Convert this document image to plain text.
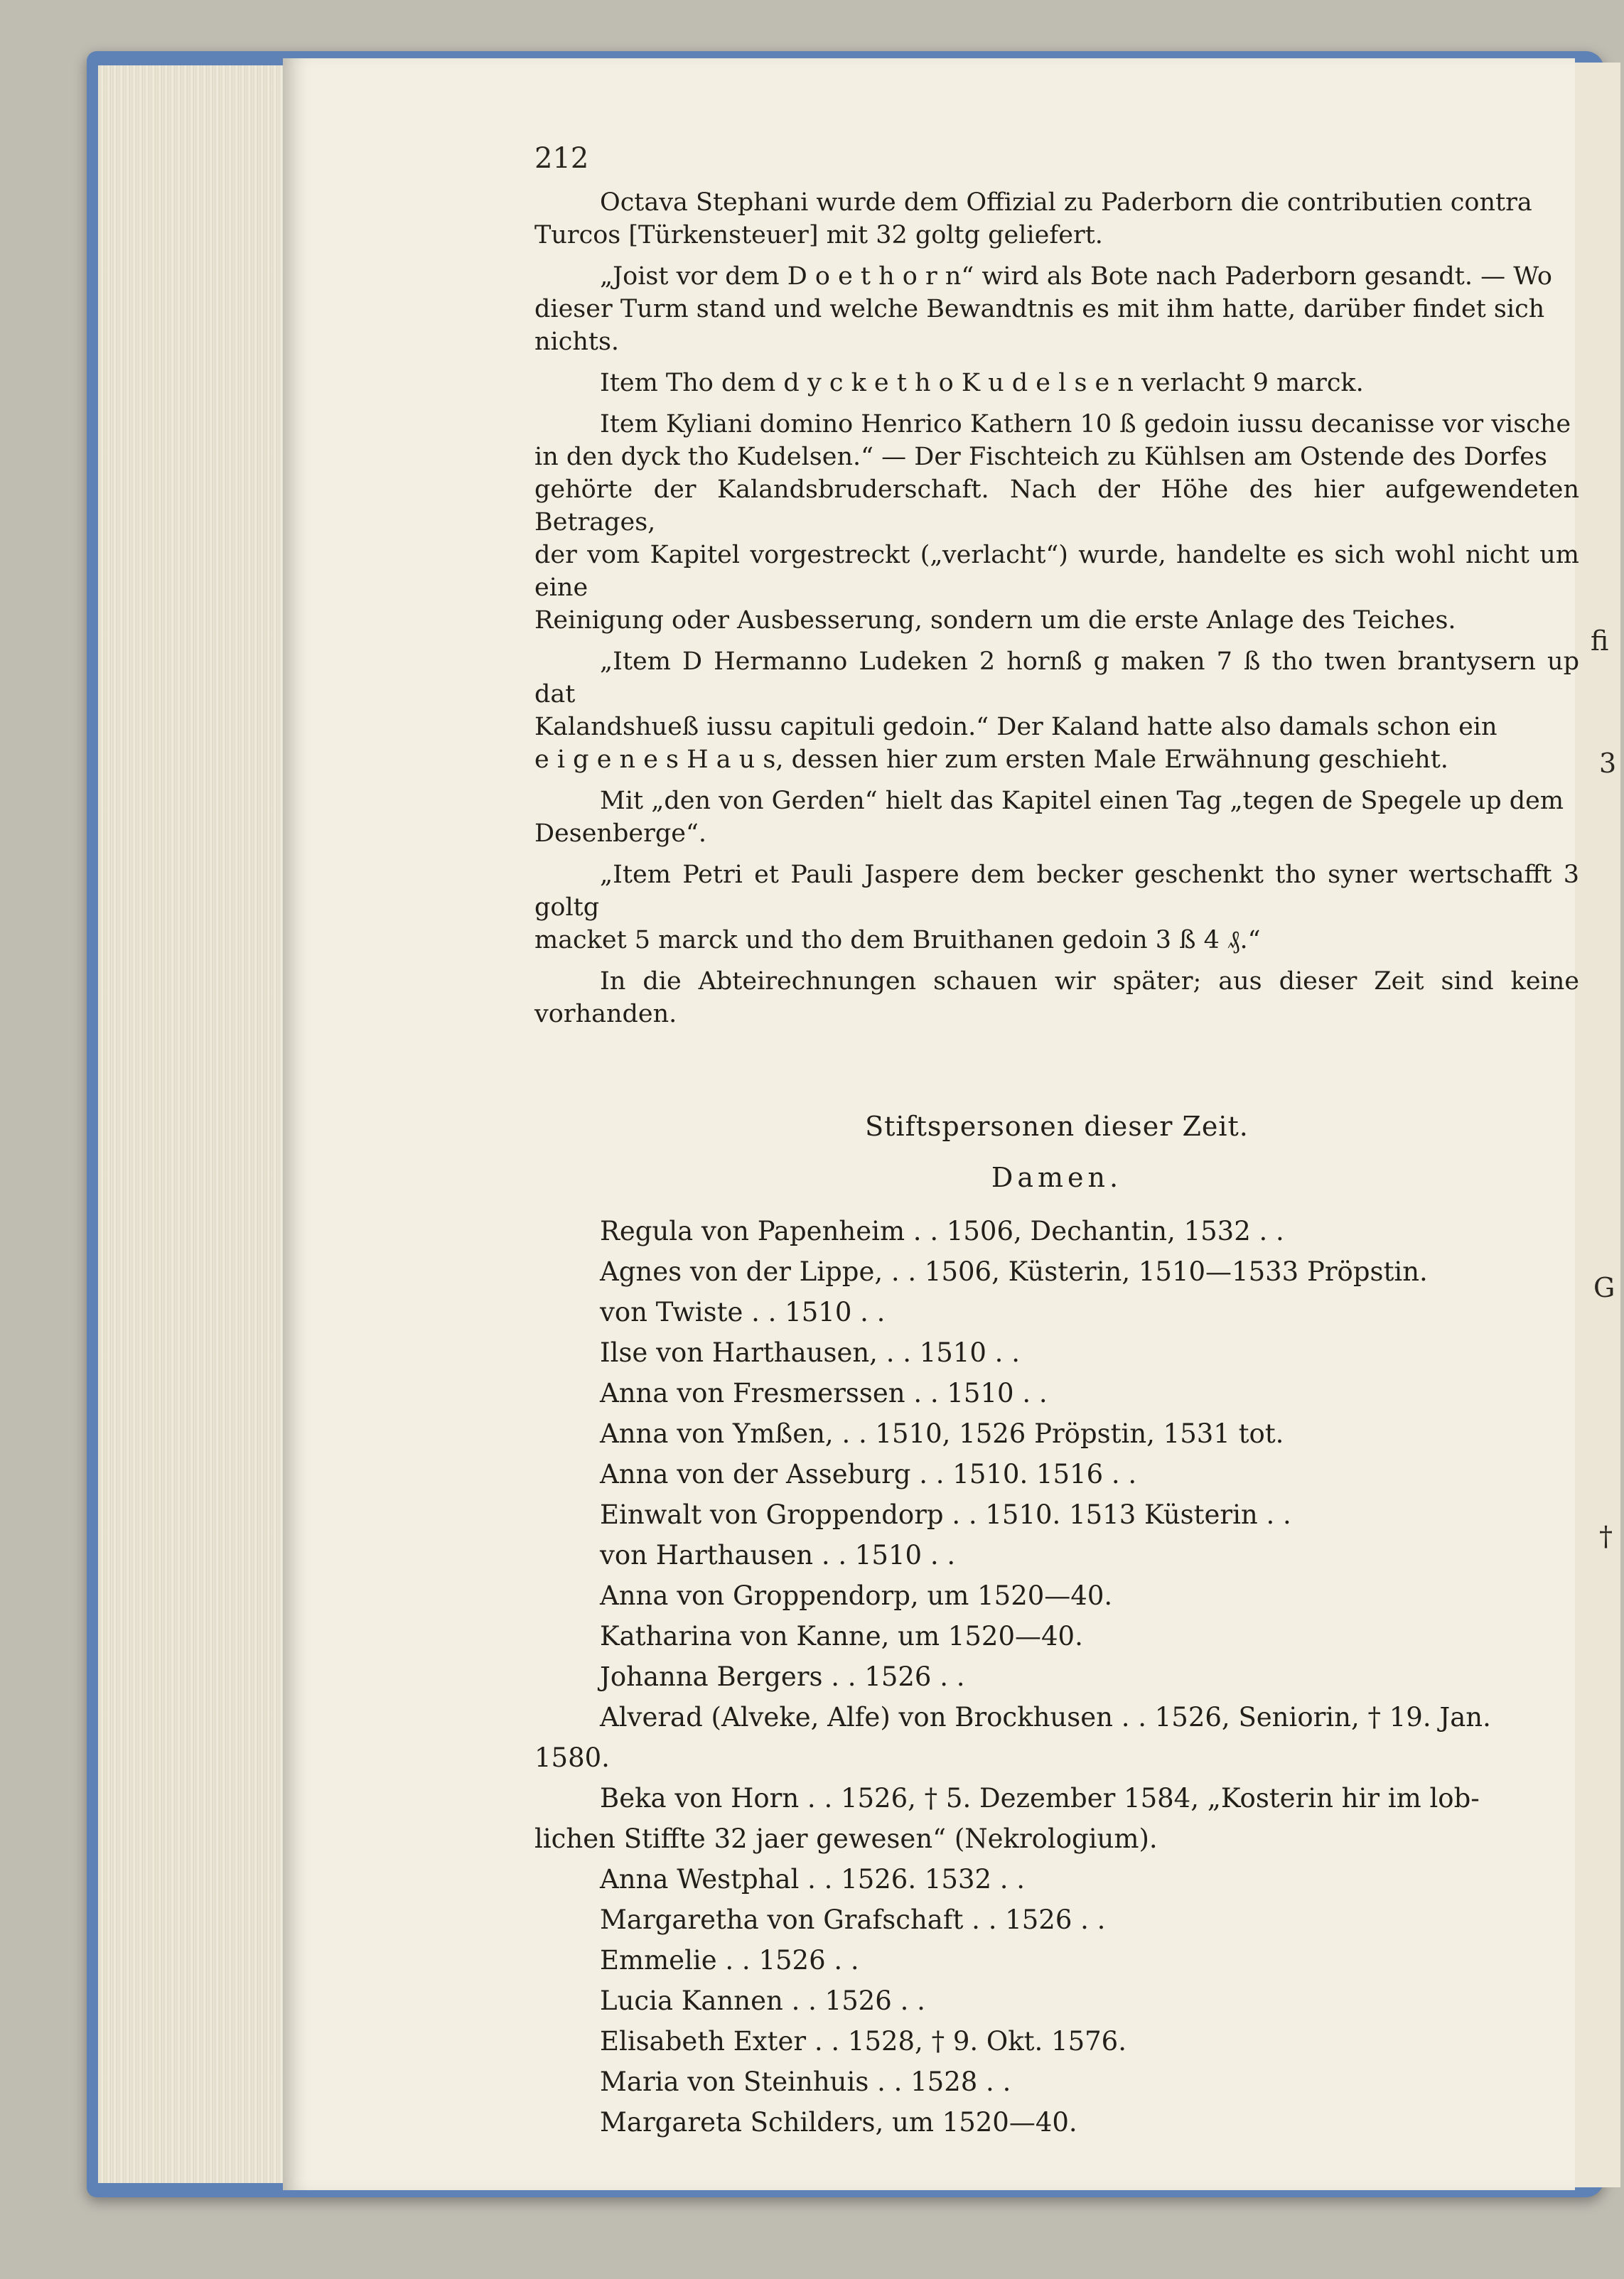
212

Octava Stephani wurde dem Offizial zu Paderborn die contributien contra
Turcos [Türkensteuer] mit 32 goltg geliefert.

„Joist vor dem D o e t h o r n“ wird als Bote nach Paderborn gesandt. — Wo
dieser Turm stand und welche Bewandtnis es mit ihm hatte, darüber findet sich
nichts.

Item Tho dem d y c k e t h o K u d e l s e n verlacht 9 marck.

Item Kyliani domino Henrico Kathern 10 ß gedoin iussu decanisse vor vische
in den dyck tho Kudelsen.“ — Der Fischteich zu Kühlsen am Ostende des Dorfes
gehörte der Kalandsbruderschaft. Nach der Höhe des hier aufgewendeten Betrages,
der vom Kapitel vorgestreckt („verlacht“) wurde, handelte es sich wohl nicht um eine
Reinigung oder Ausbesserung, sondern um die erste Anlage des Teiches.

„Item D Hermanno Ludeken 2 hornß g maken 7 ß tho twen brantysern up dat
Kalandshueß iussu capituli gedoin.“ Der Kaland hatte also damals schon ein
e i g e n e s H a u s, dessen hier zum ersten Male Erwähnung geschieht.

Mit „den von Gerden“ hielt das Kapitel einen Tag „tegen de Spegele up dem
Desenberge“.

„Item Petri et Pauli Jaspere dem becker geschenkt tho syner wertschafft 3 goltg
macket 5 marck und tho dem Bruithanen gedoin 3 ß 4 ₰.“

In die Abteirechnungen schauen wir später; aus dieser Zeit sind keine vorhanden.

Stiftspersonen dieser Zeit.
Damen.
Regula von Papenheim . . 1506, Dechantin, 1532 . .
Agnes von der Lippe, . . 1506, Küsterin, 1510—1533 Pröpstin.
von Twiste . . 1510 . .
Ilse von Harthausen, . . 1510 . .
Anna von Fresmerssen . . 1510 . .
Anna von Ymßen, . . 1510, 1526 Pröpstin, 1531 tot.
Anna von der Asseburg . . 1510. 1516 . .
Einwalt von Groppendorp . . 1510. 1513 Küsterin . .
von Harthausen . . 1510 . .
Anna von Groppendorp, um 1520—40.
Katharina von Kanne, um 1520—40.
Johanna Bergers . . 1526 . .
Alverad (Alveke, Alfe) von Brockhusen . . 1526, Seniorin, † 19. Jan.
1580.
Beka von Horn . . 1526, † 5. Dezember 1584, „Kosterin hir im lob-
lichen Stiffte 32 jaer gewesen“ (Nekrologium).
Anna Westphal . . 1526. 1532 . .
Margaretha von Grafschaft . . 1526 . .
Emmelie . . 1526 . .
Lucia Kannen . . 1526 . .
Elisabeth Exter . . 1528, † 9. Okt. 1576.
Maria von Steinhuis . . 1528 . .
Margareta Schilders, um 1520—40.
fi
3
G
†
